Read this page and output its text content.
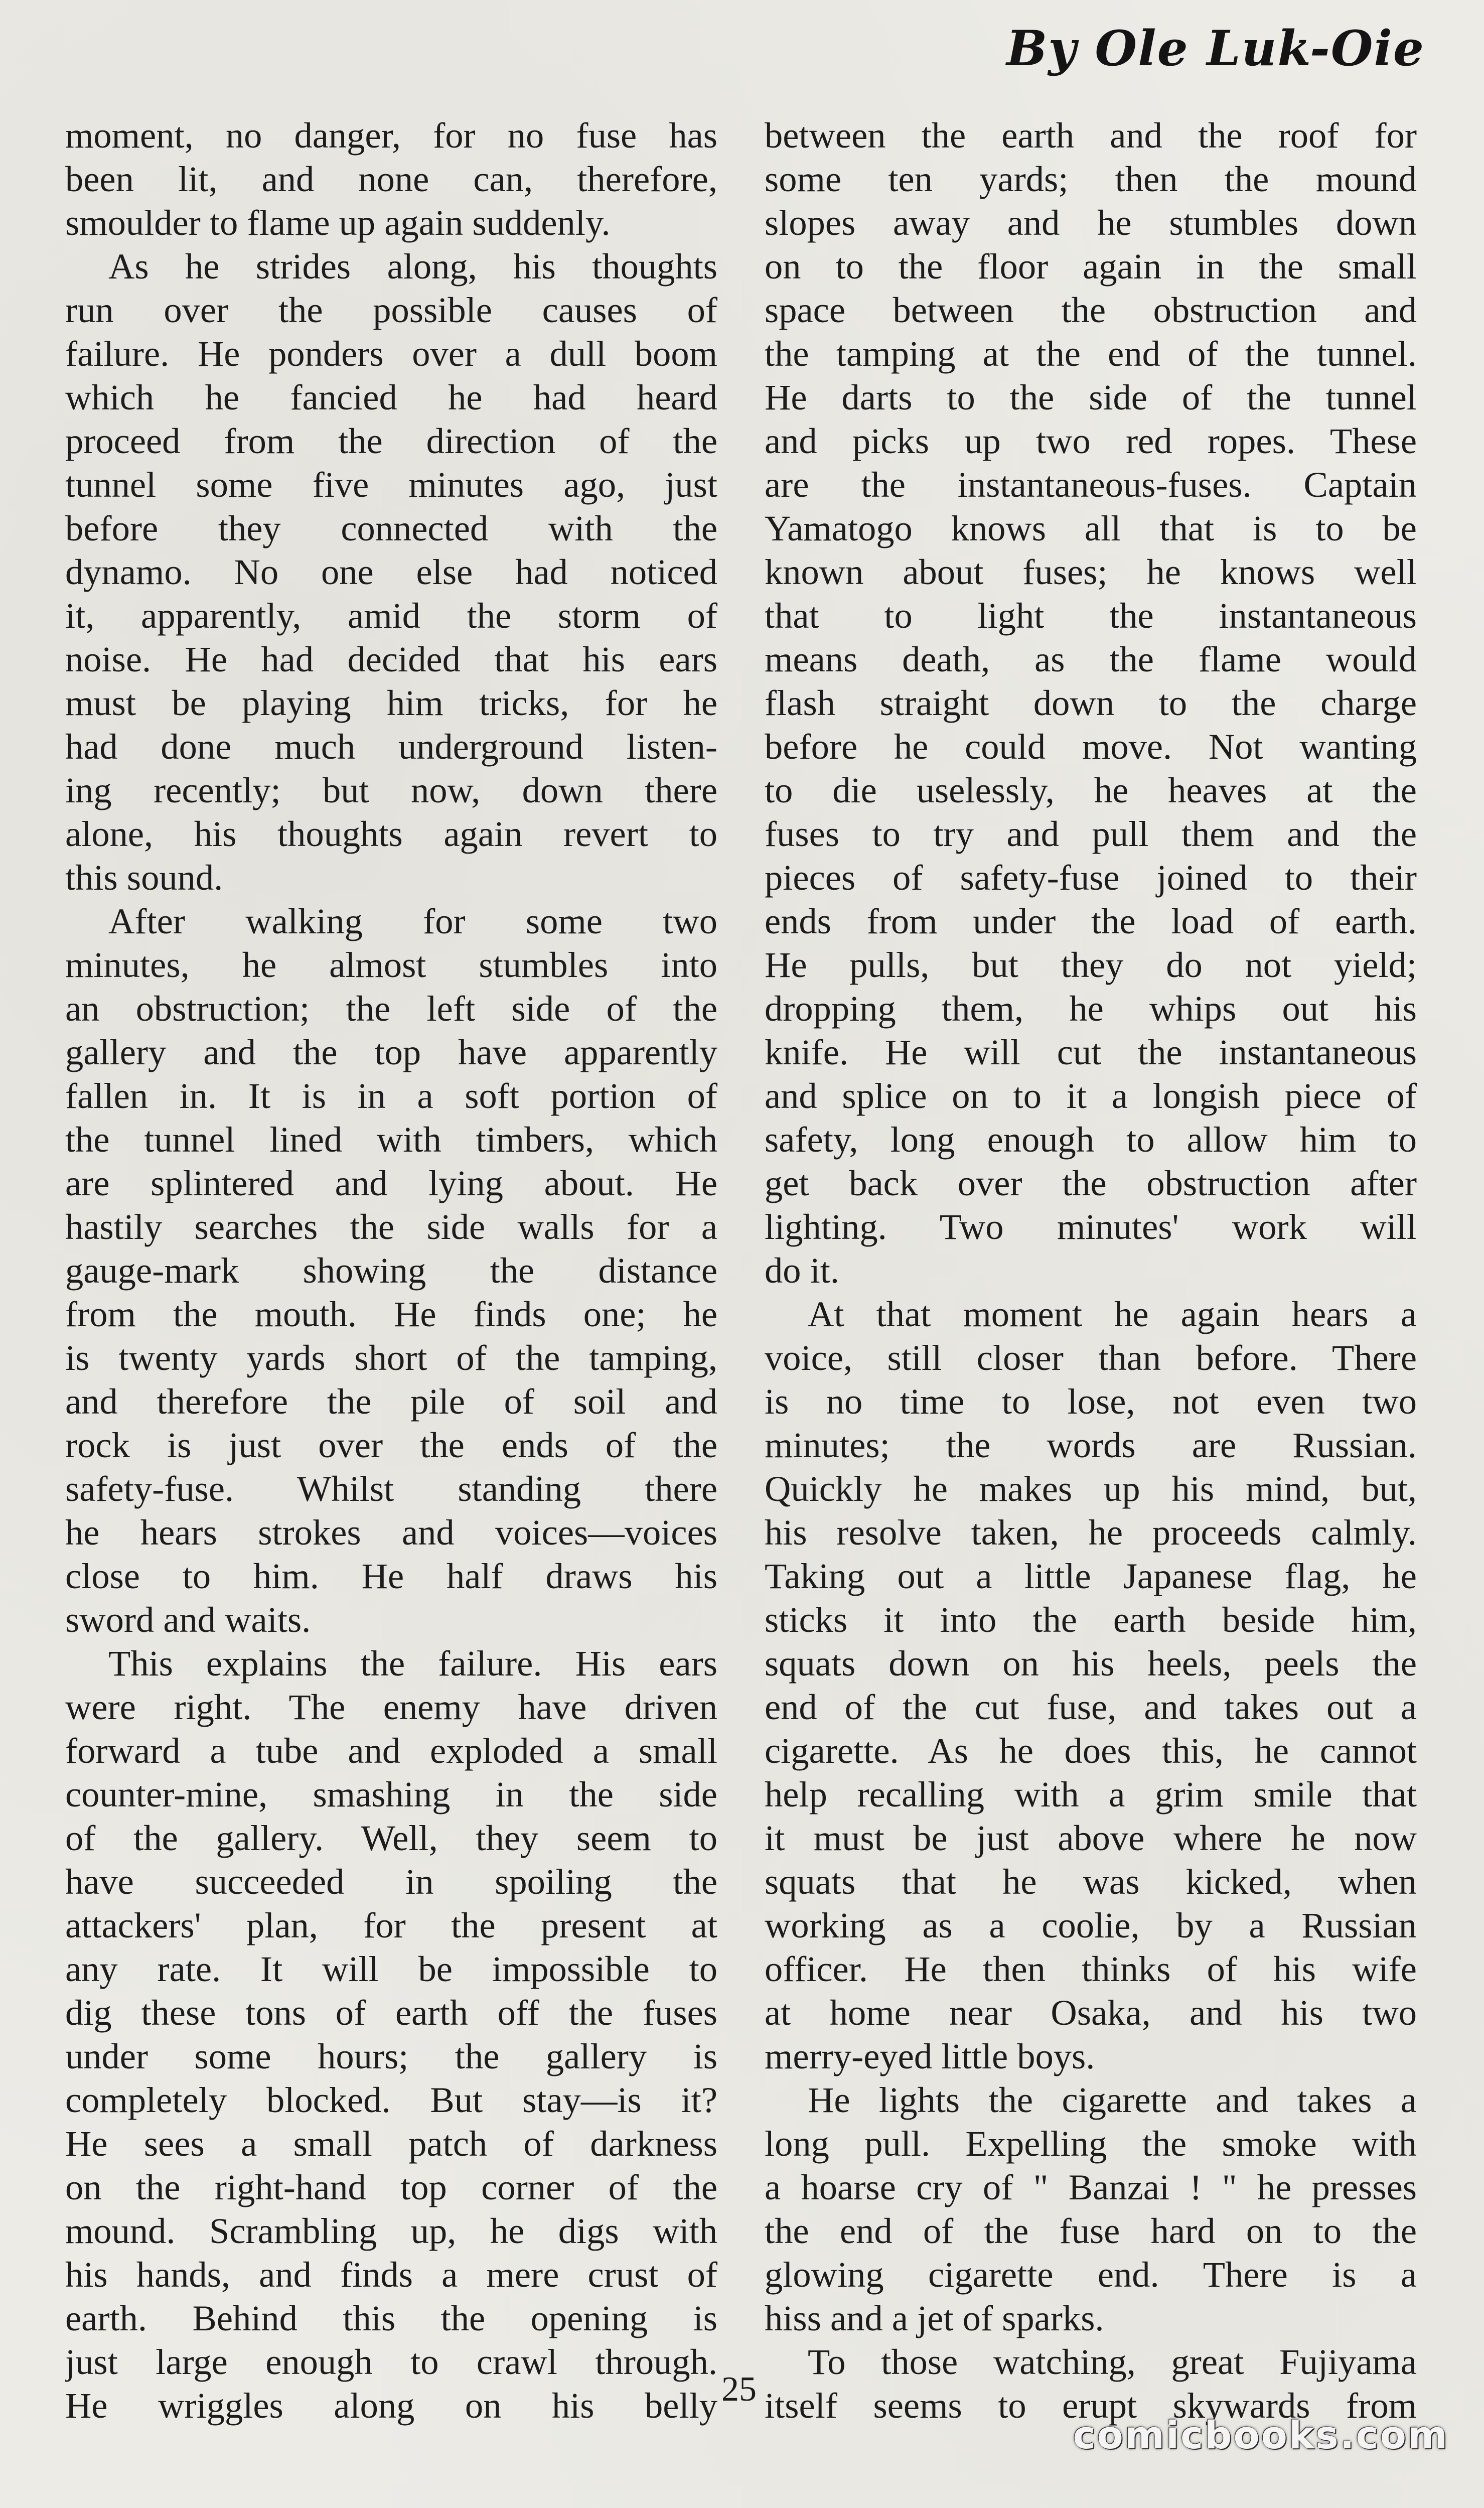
By Ole Luk-Oie
moment, no danger, for no fuse has
been lit, and none can, therefore,
smoulder to flame up again suddenly.
As he strides along, his thoughts
run over the possible causes of
failure. He ponders over a dull boom
which he fancied he had heard
proceed from the direction of the
tunnel some five minutes ago, just
before they connected with the
dynamo. No one else had noticed
it, apparently, amid the storm of
noise. He had decided that his ears
must be playing him tricks, for he
had done much underground listen-
ing recently; but now, down there
alone, his thoughts again revert to
this sound.
After walking for some two
minutes, he almost stumbles into
an obstruction; the left side of the
gallery and the top have apparently
fallen in. It is in a soft portion of
the tunnel lined with timbers, which
are splintered and lying about. He
hastily searches the side walls for a
gauge-mark showing the distance
from the mouth. He finds one; he
is twenty yards short of the tamping,
and therefore the pile of soil and
rock is just over the ends of the
safety-fuse. Whilst standing there
he hears strokes and voices—voices
close to him. He half draws his
sword and waits.
This explains the failure. His ears
were right. The enemy have driven
forward a tube and exploded a small
counter-mine, smashing in the side
of the gallery. Well, they seem to
have succeeded in spoiling the
attackers' plan, for the present at
any rate. It will be impossible to
dig these tons of earth off the fuses
under some hours; the gallery is
completely blocked. But stay—is it?
He sees a small patch of darkness
on the right-hand top corner of the
mound. Scrambling up, he digs with
his hands, and finds a mere crust of
earth. Behind this the opening is
just large enough to crawl through.
He wriggles along on his belly
between the earth and the roof for
some ten yards; then the mound
slopes away and he stumbles down
on to the floor again in the small
space between the obstruction and
the tamping at the end of the tunnel.
He darts to the side of the tunnel
and picks up two red ropes. These
are the instantaneous-fuses. Captain
Yamatogo knows all that is to be
known about fuses; he knows well
that to light the instantaneous
means death, as the flame would
flash straight down to the charge
before he could move. Not wanting
to die uselessly, he heaves at the
fuses to try and pull them and the
pieces of safety-fuse joined to their
ends from under the load of earth.
He pulls, but they do not yield;
dropping them, he whips out his
knife. He will cut the instantaneous
and splice on to it a longish piece of
safety, long enough to allow him to
get back over the obstruction after
lighting. Two minutes' work will
do it.
At that moment he again hears a
voice, still closer than before. There
is no time to lose, not even two
minutes; the words are Russian.
Quickly he makes up his mind, but,
his resolve taken, he proceeds calmly.
Taking out a little Japanese flag, he
sticks it into the earth beside him,
squats down on his heels, peels the
end of the cut fuse, and takes out a
cigarette. As he does this, he cannot
help recalling with a grim smile that
it must be just above where he now
squats that he was kicked, when
working as a coolie, by a Russian
officer. He then thinks of his wife
at home near Osaka, and his two
merry-eyed little boys.
He lights the cigarette and takes a
long pull. Expelling the smoke with
a hoarse cry of " Banzai ! " he presses
the end of the fuse hard on to the
glowing cigarette end. There is a
hiss and a jet of sparks.
To those watching, great Fujiyama
itself seems to erupt skywards from
25
comicbooks.com
